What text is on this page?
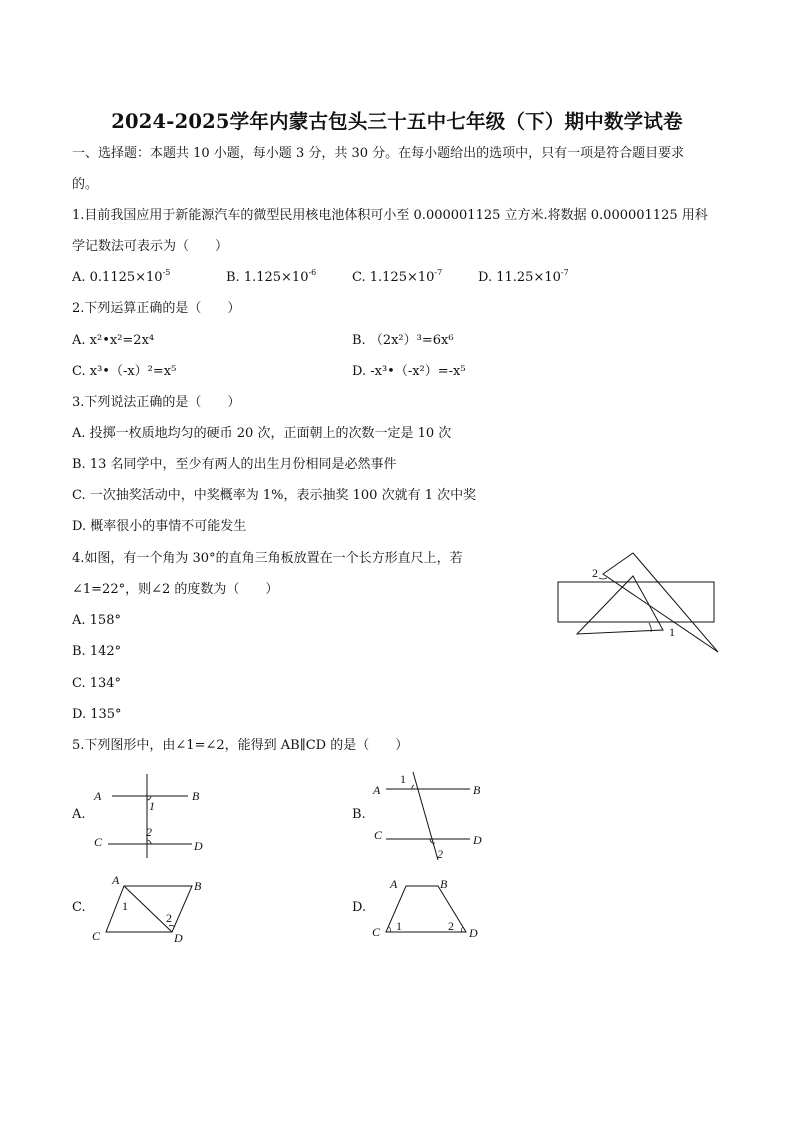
2024-2025学年内蒙古包头三十五中七年级（下）期中数学试卷
一、选择题：本题共 10 小题，每小题 3 分，共 30 分。在每小题给出的选项中，只有一项是符合题目要求
的。
1.目前我国应用于新能源汽车的微型民用核电池体积可小至 0.000001125 立方米.将数据 0.000001125 用科
学记数法可表示为（　　）
A. $0.1125\times 10^{-5}$	B. $1.125\times 10^{-6}$	C. $1.125\times 10^{-7}$	D. $11.25\times 10^{-7}$
2.下列运算正确的是（　　）
A. x²•x²=2x⁴	B. （2x²）³=6x⁶
C. x³•（-x）²=x⁵	D. -x³•（-x²）=-x⁵
3.下列说法正确的是（　　）
A. 投掷一枚质地均匀的硬币 20 次，正面朝上的次数一定是 10 次
B. 13 名同学中，至少有两人的出生月份相同是必然事件
C. 一次抽奖活动中，中奖概率为 1%，表示抽奖 100 次就有 1 次中奖
D. 概率很小的事情不可能发生
4.如图，有一个角为 30°的直角三角板放置在一个长方形直尺上，若
∠1=22°，则∠2 的度数为（　　）
A. 158°
B. 142°
C. 134°
D. 135°
2
1
5.下列图形中，由∠1=∠2，能得到 AB∥CD 的是（　　）
A.
A	B
C	D
1
2
B.
A	B
C	D
1
2
C.
A	B
C	D
1
2
D.
A	B
C	D
1	2
